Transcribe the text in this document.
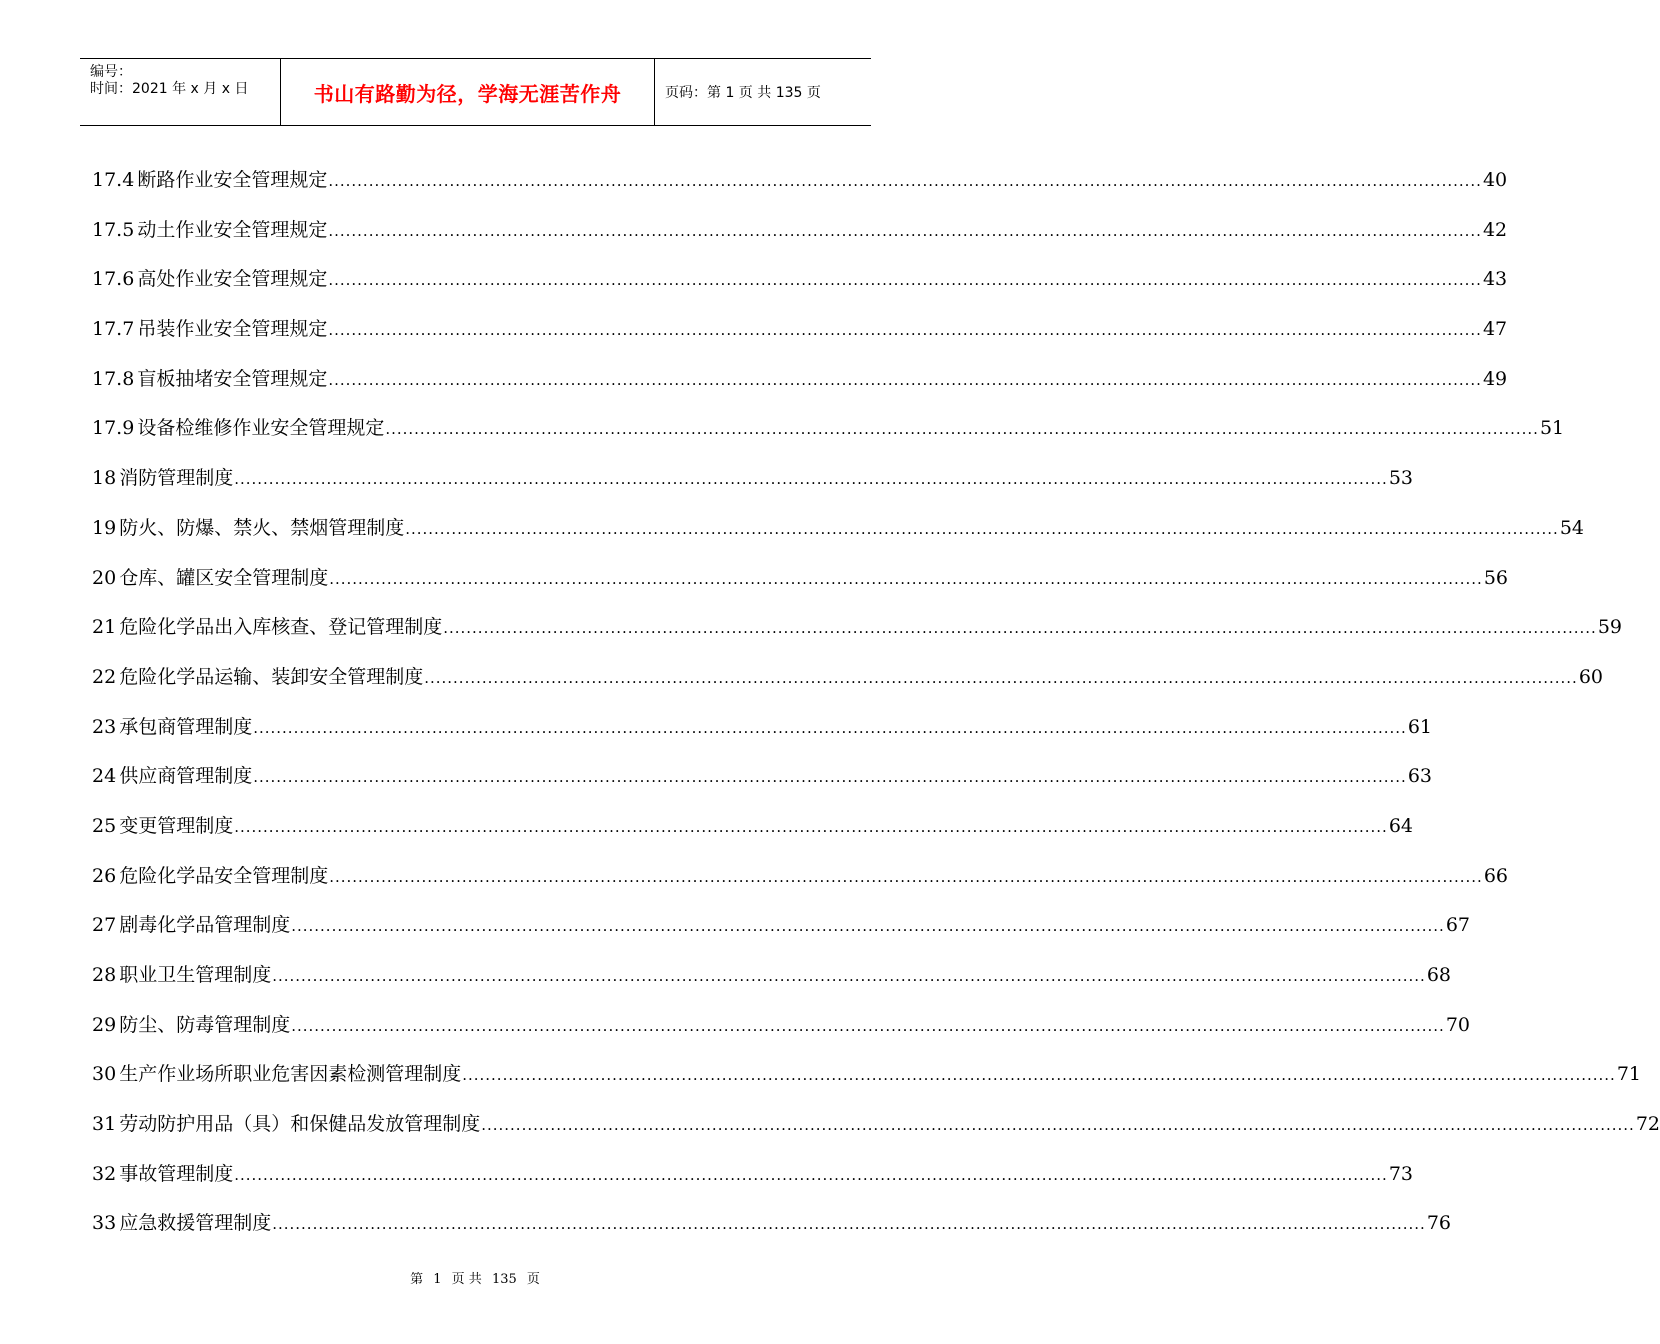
编号：
时间：2021 年 x 月 x 日	书山有路勤为径，学海无涯苦作舟	页码：第 1 页 共 135 页
17.4 断路作业安全管理规定 ........................................................................................................................................................................................................ 40
17.5 动土作业安全管理规定 ........................................................................................................................................................................................................ 42
17.6 高处作业安全管理规定 ........................................................................................................................................................................................................ 43
17.7 吊装作业安全管理规定 ........................................................................................................................................................................................................ 47
17.8 盲板抽堵安全管理规定 ........................................................................................................................................................................................................ 49
17.9 设备检维修作业安全管理规定 ........................................................................................................................................................................................................ 51
18 消防管理制度 ........................................................................................................................................................................................................ 53
19 防火、防爆、禁火、禁烟管理制度 ........................................................................................................................................................................................................ 54
20 仓库、罐区安全管理制度 ........................................................................................................................................................................................................ 56
21 危险化学品出入库核查、登记管理制度 ........................................................................................................................................................................................................ 59
22 危险化学品运输、装卸安全管理制度 ........................................................................................................................................................................................................ 60
23 承包商管理制度 ........................................................................................................................................................................................................ 61
24 供应商管理制度 ........................................................................................................................................................................................................ 63
25 变更管理制度 ........................................................................................................................................................................................................ 64
26 危险化学品安全管理制度 ........................................................................................................................................................................................................ 66
27 剧毒化学品管理制度 ........................................................................................................................................................................................................ 67
28 职业卫生管理制度 ........................................................................................................................................................................................................ 68
29 防尘、防毒管理制度 ........................................................................................................................................................................................................ 70
30 生产作业场所职业危害因素检测管理制度 ........................................................................................................................................................................................................ 71
31 劳动防护用品（具）和保健品发放管理制度 ........................................................................................................................................................................................................ 72
32 事故管理制度 ........................................................................................................................................................................................................ 73
33 应急救援管理制度 ........................................................................................................................................................................................................ 76
第 1 页 共 135 页
